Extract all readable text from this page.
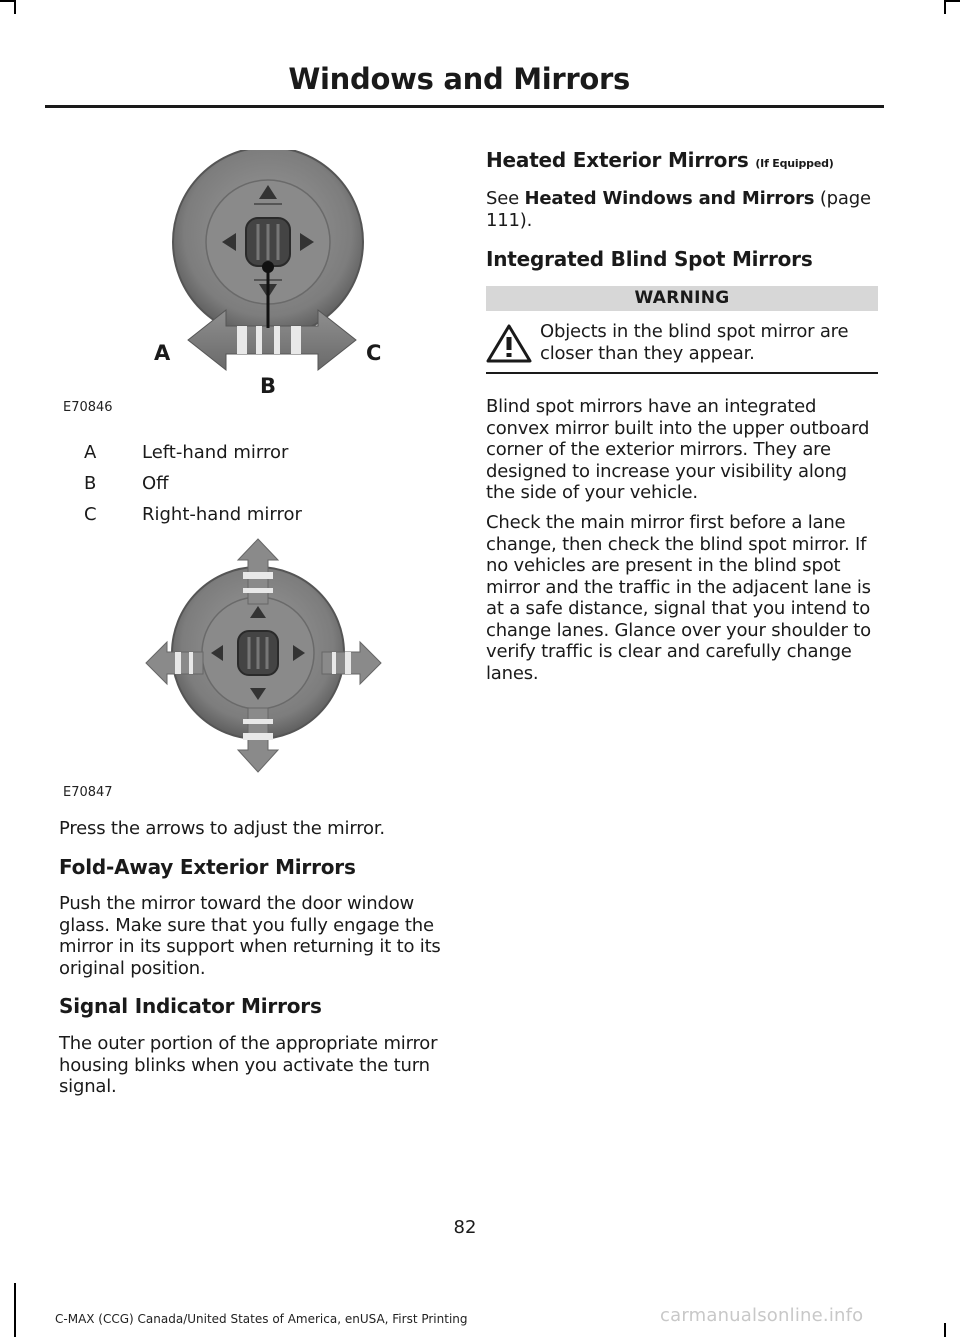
Windows and Mirrors
A
B
C
E70846
A	Left-hand mirror
B	Off
C	Right-hand mirror
E70847

Press the arrows to adjust the mirror.

Fold-Away Exterior Mirrors

Push the mirror toward the door window glass. Make sure that you fully engage the mirror in its support when returning it to its original position.

Signal Indicator Mirrors

The outer portion of the appropriate mirror housing blinks when you activate the turn signal.

Heated Exterior Mirrors (If Equipped)

See Heated Windows and Mirrors (page 111).

Integrated Blind Spot Mirrors
WARNING
Objects in the blind spot mirror are closer than they appear.

Blind spot mirrors have an integrated convex mirror built into the upper outboard corner of the exterior mirrors. They are designed to increase your visibility along the side of your vehicle.

Check the main mirror first before a lane change, then check the blind spot mirror. If no vehicles are present in the blind spot mirror and the traffic in the adjacent lane is at a safe distance, signal that you intend to change lanes. Glance over your shoulder to verify traffic is clear and carefully change lanes.

82
C-MAX (CCG) Canada/United States of America, enUSA, First Printing	carmanualsonline.info
